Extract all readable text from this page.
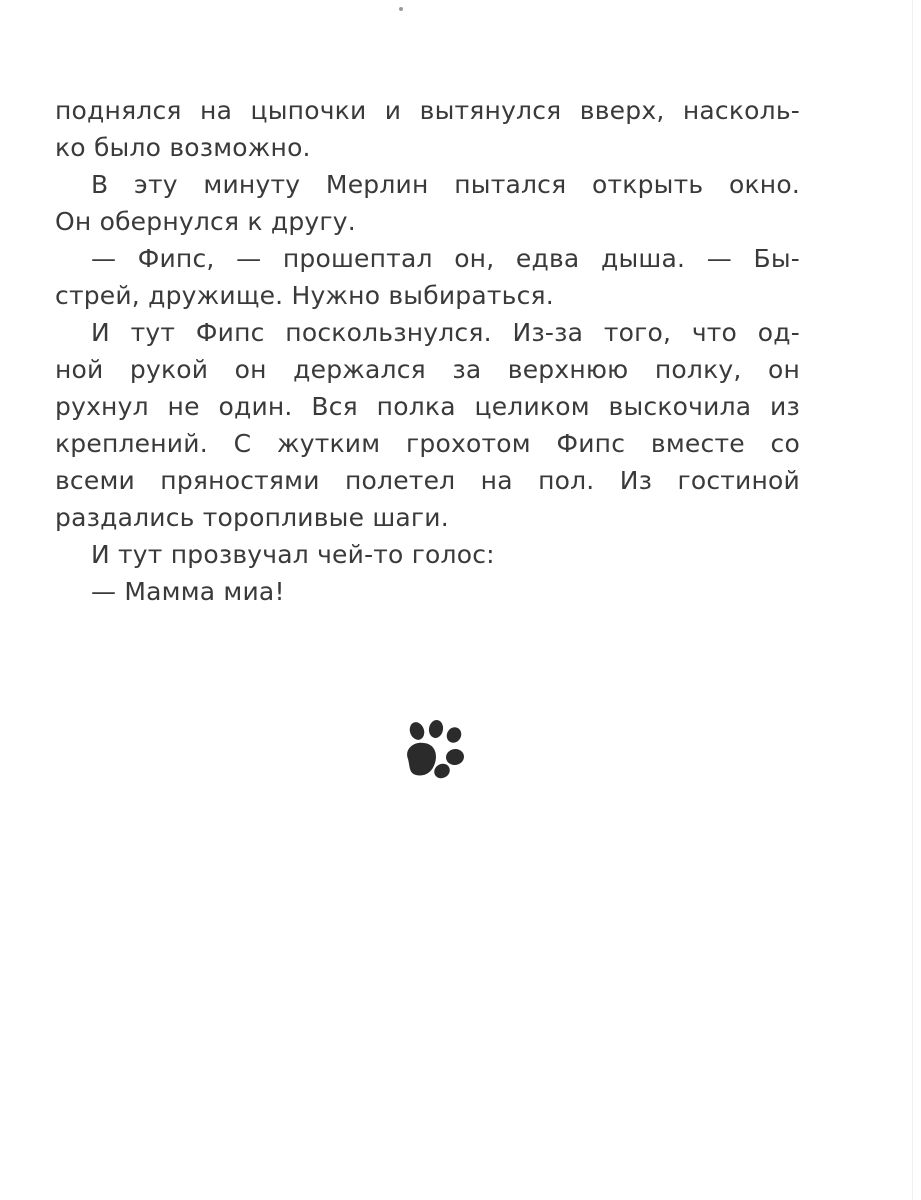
поднялся на цыпочки и вытянулся вверх, насколь-
ко было возможно.
В эту минуту Мерлин пытался открыть окно.
Он обернулся к другу.
— Фипс, — прошептал он, едва дыша. — Бы-
стрей, дружище. Нужно выбираться.
И тут Фипс поскользнулся. Из-за того, что од-
ной рукой он держался за верхнюю полку, он
рухнул не один. Вся полка целиком выскочила из
креплений. С жутким грохотом Фипс вместе со
всеми пряностями полетел на пол. Из гостиной
раздались торопливые шаги.
И тут прозвучал чей-то голос:
— Мамма миа!
